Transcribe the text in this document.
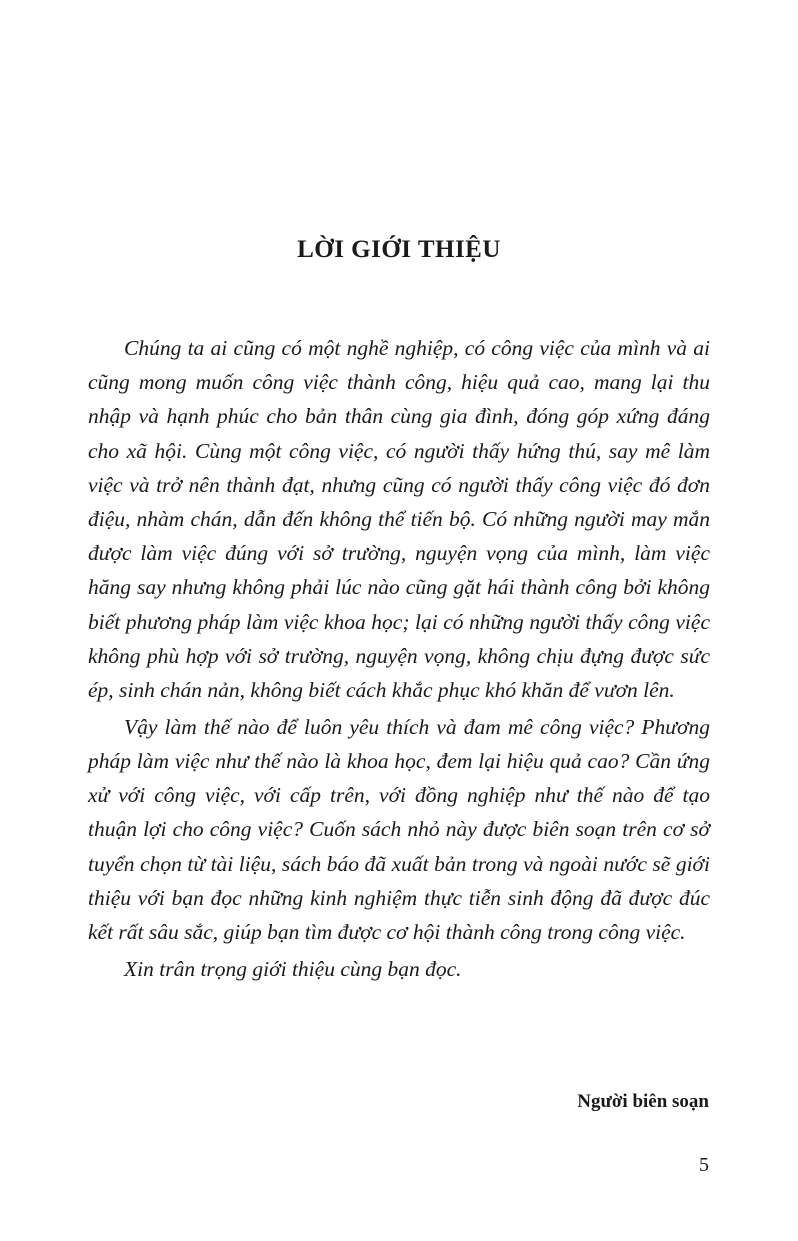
LỜI GIỚI THIỆU

Chúng ta ai cũng có một nghề nghiệp, có công việc của mình và ai cũng mong muốn công việc thành công, hiệu quả cao, mang lại thu nhập và hạnh phúc cho bản thân cùng gia đình, đóng góp xứng đáng cho xã hội. Cùng một công việc, có người thấy hứng thú, say mê làm việc và trở nên thành đạt, nhưng cũng có người thấy công việc đó đơn điệu, nhàm chán, dẫn đến không thể tiến bộ. Có những người may mắn được làm việc đúng với sở trường, nguyện vọng của mình, làm việc hăng say nhưng không phải lúc nào cũng gặt hái thành công bởi không biết phương pháp làm việc khoa học; lại có những người thấy công việc không phù hợp với sở trường, nguyện vọng, không chịu đựng được sức ép, sinh chán nản, không biết cách khắc phục khó khăn để vươn lên.

Vậy làm thế nào để luôn yêu thích và đam mê công việc? Phương pháp làm việc như thế nào là khoa học, đem lại hiệu quả cao? Cần ứng xử với công việc, với cấp trên, với đồng nghiệp như thế nào để tạo thuận lợi cho công việc? Cuốn sách nhỏ này được biên soạn trên cơ sở tuyển chọn từ tài liệu, sách báo đã xuất bản trong và ngoài nước sẽ giới thiệu với bạn đọc những kinh nghiệm thực tiễn sinh động đã được đúc kết rất sâu sắc, giúp bạn tìm được cơ hội thành công trong công việc.

Xin trân trọng giới thiệu cùng bạn đọc.

Người biên soạn

5
